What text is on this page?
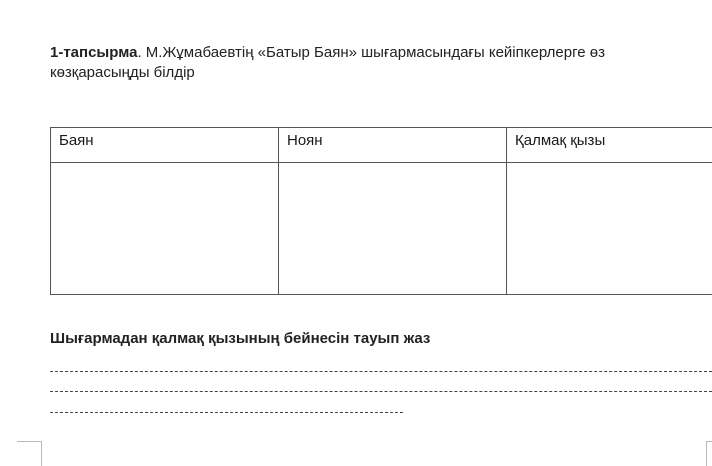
1-тапсырма. М.Жұмабаевтің «Батыр Баян» шығармасындағы кейіпкерлерге өз көзқарасыңды білдір
Баян	Ноян	Қалмақ қызы

Шығармадан қалмақ қызының бейнесін тауып жаз
